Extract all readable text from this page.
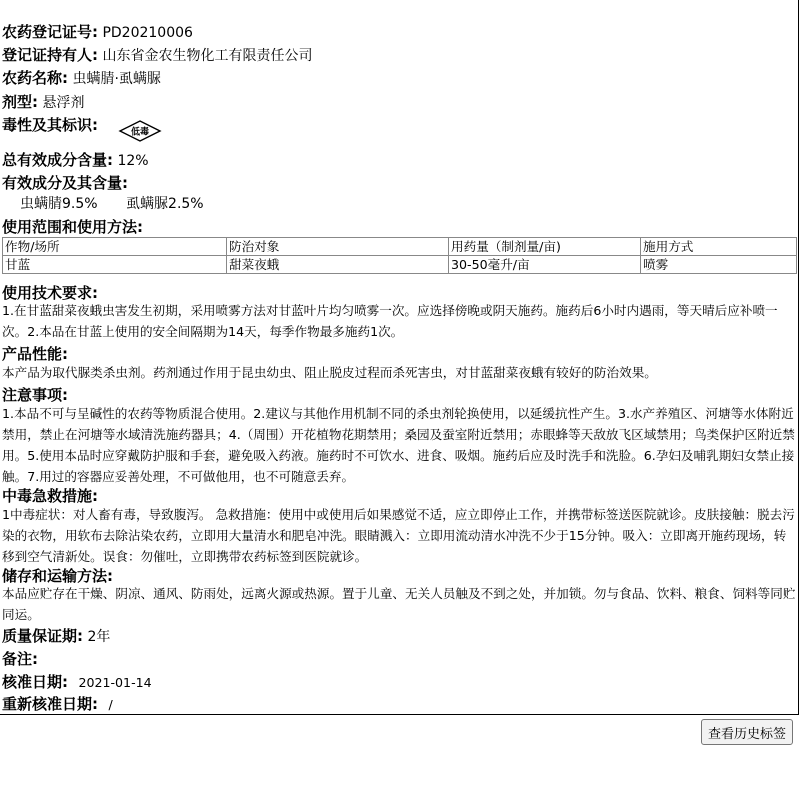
农药登记证号: PD20210006
登记证持有人: 山东省金农生物化工有限责任公司
农药名称: 虫螨腈·虱螨脲
剂型: 悬浮剂
毒性及其标识:	低毒
总有效成分含量: 12%
有效成分及其含量:
虫螨腈9.5% 虱螨脲2.5%
使用范围和使用方法:
作物/场所	防治对象	用药量（制剂量/亩)	施用方式
甘蓝	甜菜夜蛾	30-50毫升/亩	喷雾
使用技术要求:
1.在甘蓝甜菜夜蛾虫害发生初期，采用喷雾方法对甘蓝叶片均匀喷雾一次。应选择傍晚或阴天施药。施药后6小时内遇雨，等天晴后应补喷一次。2.本品在甘蓝上使用的安全间隔期为14天，每季作物最多施药1次。
产品性能:
本产品为取代脲类杀虫剂。药剂通过作用于昆虫幼虫、阻止脱皮过程而杀死害虫，对甘蓝甜菜夜蛾有较好的防治效果。
注意事项:
1.本品不可与呈碱性的农药等物质混合使用。2.建议与其他作用机制不同的杀虫剂轮换使用，以延缓抗性产生。3.水产养殖区、河塘等水体附近禁用，禁止在河塘等水域清洗施药器具；4.（周围）开花植物花期禁用；桑园及蚕室附近禁用；赤眼蜂等天敌放飞区域禁用；鸟类保护区附近禁用。5.使用本品时应穿戴防护服和手套，避免吸入药液。施药时不可饮水、进食、吸烟。施药后应及时洗手和洗脸。6.孕妇及哺乳期妇女禁止接触。7.用过的容器应妥善处理，不可做他用，也不可随意丢弃。
中毒急救措施:
1中毒症状：对人畜有毒，导致腹泻。 急救措施：使用中或使用后如果感觉不适，应立即停止工作，并携带标签送医院就诊。皮肤接触：脱去污染的衣物，用软布去除沾染农药，立即用大量清水和肥皂冲洗。眼睛溅入：立即用流动清水冲洗不少于15分钟。吸入：立即离开施药现场，转移到空气清新处。误食：勿催吐，立即携带农药标签到医院就诊。
储存和运输方法:
本品应贮存在干燥、阴凉、通风、防雨处，远离火源或热源。置于儿童、无关人员触及不到之处，并加锁。勿与食品、饮料、粮食、饲料等同贮同运。
质量保证期: 2年
备注:
核准日期: 2021-01-14
重新核准日期: /
查看历史标签
